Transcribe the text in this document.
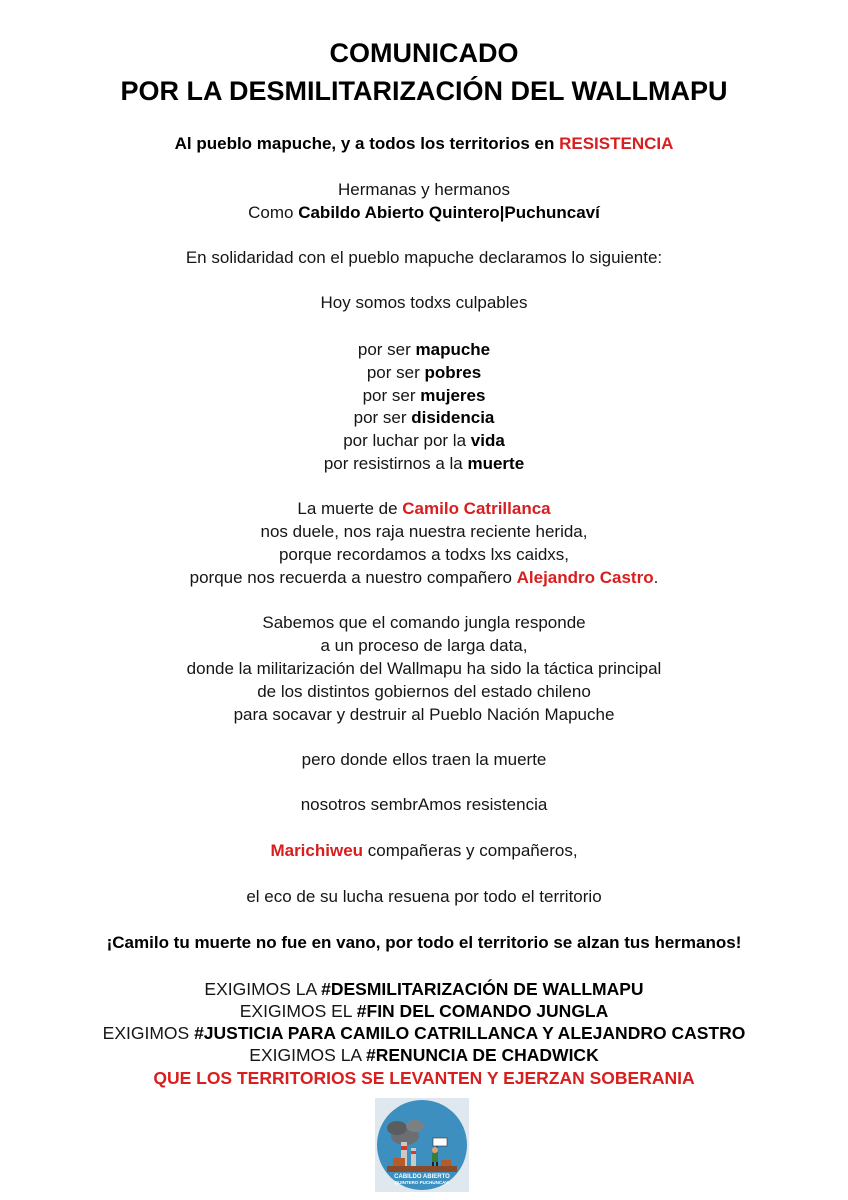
COMUNICADO
POR LA DESMILITARIZACIÓN DEL WALLMAPU
Al pueblo mapuche, y a todos los territorios en RESISTENCIA
Hermanas y hermanos
Como Cabildo Abierto Quintero|Puchuncaví
En solidaridad con el pueblo mapuche declaramos lo siguiente:
Hoy somos todxs culpables
por ser mapuche
por ser pobres
por ser mujeres
por ser disidencia
por luchar por la vida
por resistirnos a la muerte
La muerte de Camilo Catrillanca
nos duele, nos raja nuestra reciente herida,
porque recordamos a todxs lxs caidxs,
porque nos recuerda a nuestro compañero Alejandro Castro.
Sabemos que el comando jungla responde
a un proceso de larga data,
donde la militarización del Wallmapu ha sido la táctica principal
de los distintos gobiernos del estado chileno
para socavar y destruir al Pueblo Nación Mapuche
pero donde ellos traen la muerte
nosotros sembrAmos resistencia
Marichiweu compañeras y compañeros,
el eco de su lucha resuena por todo el territorio
¡Camilo tu muerte no fue en vano, por todo el territorio se alzan tus hermanos!
EXIGIMOS LA #DESMILITARIZACIÓN DE WALLMAPU
EXIGIMOS EL #FIN DEL COMANDO JUNGLA
EXIGIMOS #JUSTICIA PARA CAMILO CATRILLANCA Y ALEJANDRO CASTRO
EXIGIMOS LA #RENUNCIA DE CHADWICK
QUE LOS TERRITORIOS SE LEVANTEN Y EJERZAN SOBERANIA
CABILDO ABIERTO
QUINTERO PUCHUNCAVI
